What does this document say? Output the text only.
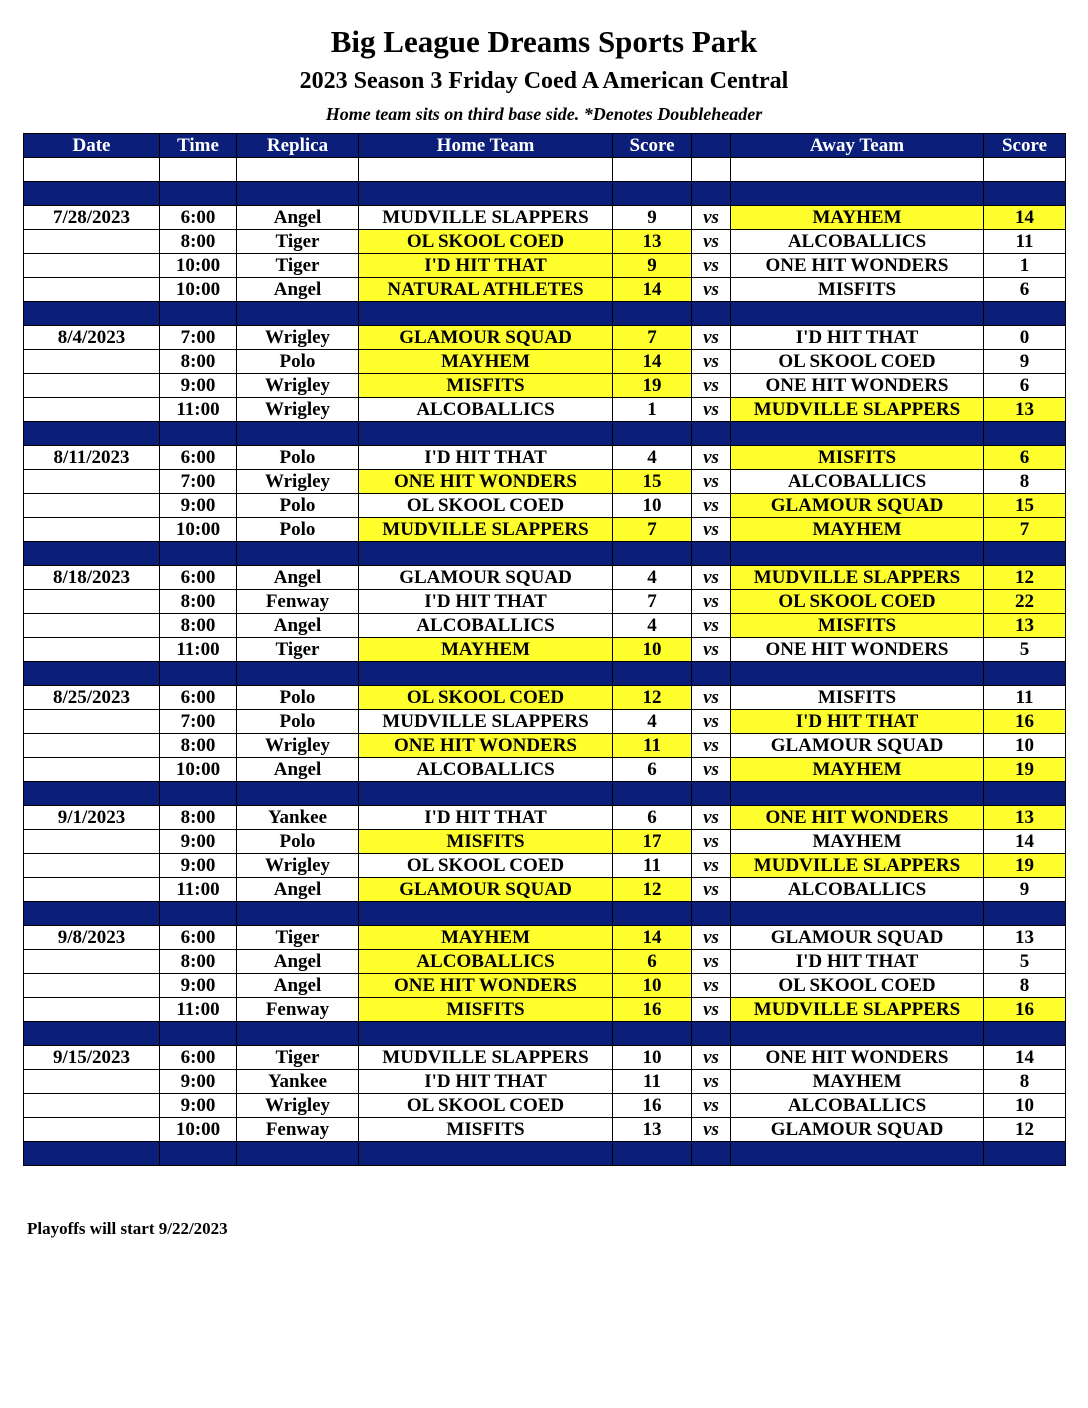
Big League Dreams Sports Park
2023 Season 3 Friday Coed A American Central
Home team sits on third base side. *Denotes Doubleheader
Date	Time	Replica	Home Team	Score		Away Team	Score

7/28/2023	6:00	Angel	MUDVILLE SLAPPERS	9	vs	MAYHEM	14
	8:00	Tiger	OL SKOOL COED	13	vs	ALCOBALLICS	11
	10:00	Tiger	I'D HIT THAT	9	vs	ONE HIT WONDERS	1
	10:00	Angel	NATURAL ATHLETES	14	vs	MISFITS	6

8/4/2023	7:00	Wrigley	GLAMOUR SQUAD	7	vs	I'D HIT THAT	0
	8:00	Polo	MAYHEM	14	vs	OL SKOOL COED	9
	9:00	Wrigley	MISFITS	19	vs	ONE HIT WONDERS	6
	11:00	Wrigley	ALCOBALLICS	1	vs	MUDVILLE SLAPPERS	13

8/11/2023	6:00	Polo	I'D HIT THAT	4	vs	MISFITS	6
	7:00	Wrigley	ONE HIT WONDERS	15	vs	ALCOBALLICS	8
	9:00	Polo	OL SKOOL COED	10	vs	GLAMOUR SQUAD	15
	10:00	Polo	MUDVILLE SLAPPERS	7	vs	MAYHEM	7

8/18/2023	6:00	Angel	GLAMOUR SQUAD	4	vs	MUDVILLE SLAPPERS	12
	8:00	Fenway	I'D HIT THAT	7	vs	OL SKOOL COED	22
	8:00	Angel	ALCOBALLICS	4	vs	MISFITS	13
	11:00	Tiger	MAYHEM	10	vs	ONE HIT WONDERS	5

8/25/2023	6:00	Polo	OL SKOOL COED	12	vs	MISFITS	11
	7:00	Polo	MUDVILLE SLAPPERS	4	vs	I'D HIT THAT	16
	8:00	Wrigley	ONE HIT WONDERS	11	vs	GLAMOUR SQUAD	10
	10:00	Angel	ALCOBALLICS	6	vs	MAYHEM	19

9/1/2023	8:00	Yankee	I'D HIT THAT	6	vs	ONE HIT WONDERS	13
	9:00	Polo	MISFITS	17	vs	MAYHEM	14
	9:00	Wrigley	OL SKOOL COED	11	vs	MUDVILLE SLAPPERS	19
	11:00	Angel	GLAMOUR SQUAD	12	vs	ALCOBALLICS	9

9/8/2023	6:00	Tiger	MAYHEM	14	vs	GLAMOUR SQUAD	13
	8:00	Angel	ALCOBALLICS	6	vs	I'D HIT THAT	5
	9:00	Angel	ONE HIT WONDERS	10	vs	OL SKOOL COED	8
	11:00	Fenway	MISFITS	16	vs	MUDVILLE SLAPPERS	16

9/15/2023	6:00	Tiger	MUDVILLE SLAPPERS	10	vs	ONE HIT WONDERS	14
	9:00	Yankee	I'D HIT THAT	11	vs	MAYHEM	8
	9:00	Wrigley	OL SKOOL COED	16	vs	ALCOBALLICS	10
	10:00	Fenway	MISFITS	13	vs	GLAMOUR SQUAD	12

Playoffs will start 9/22/2023
